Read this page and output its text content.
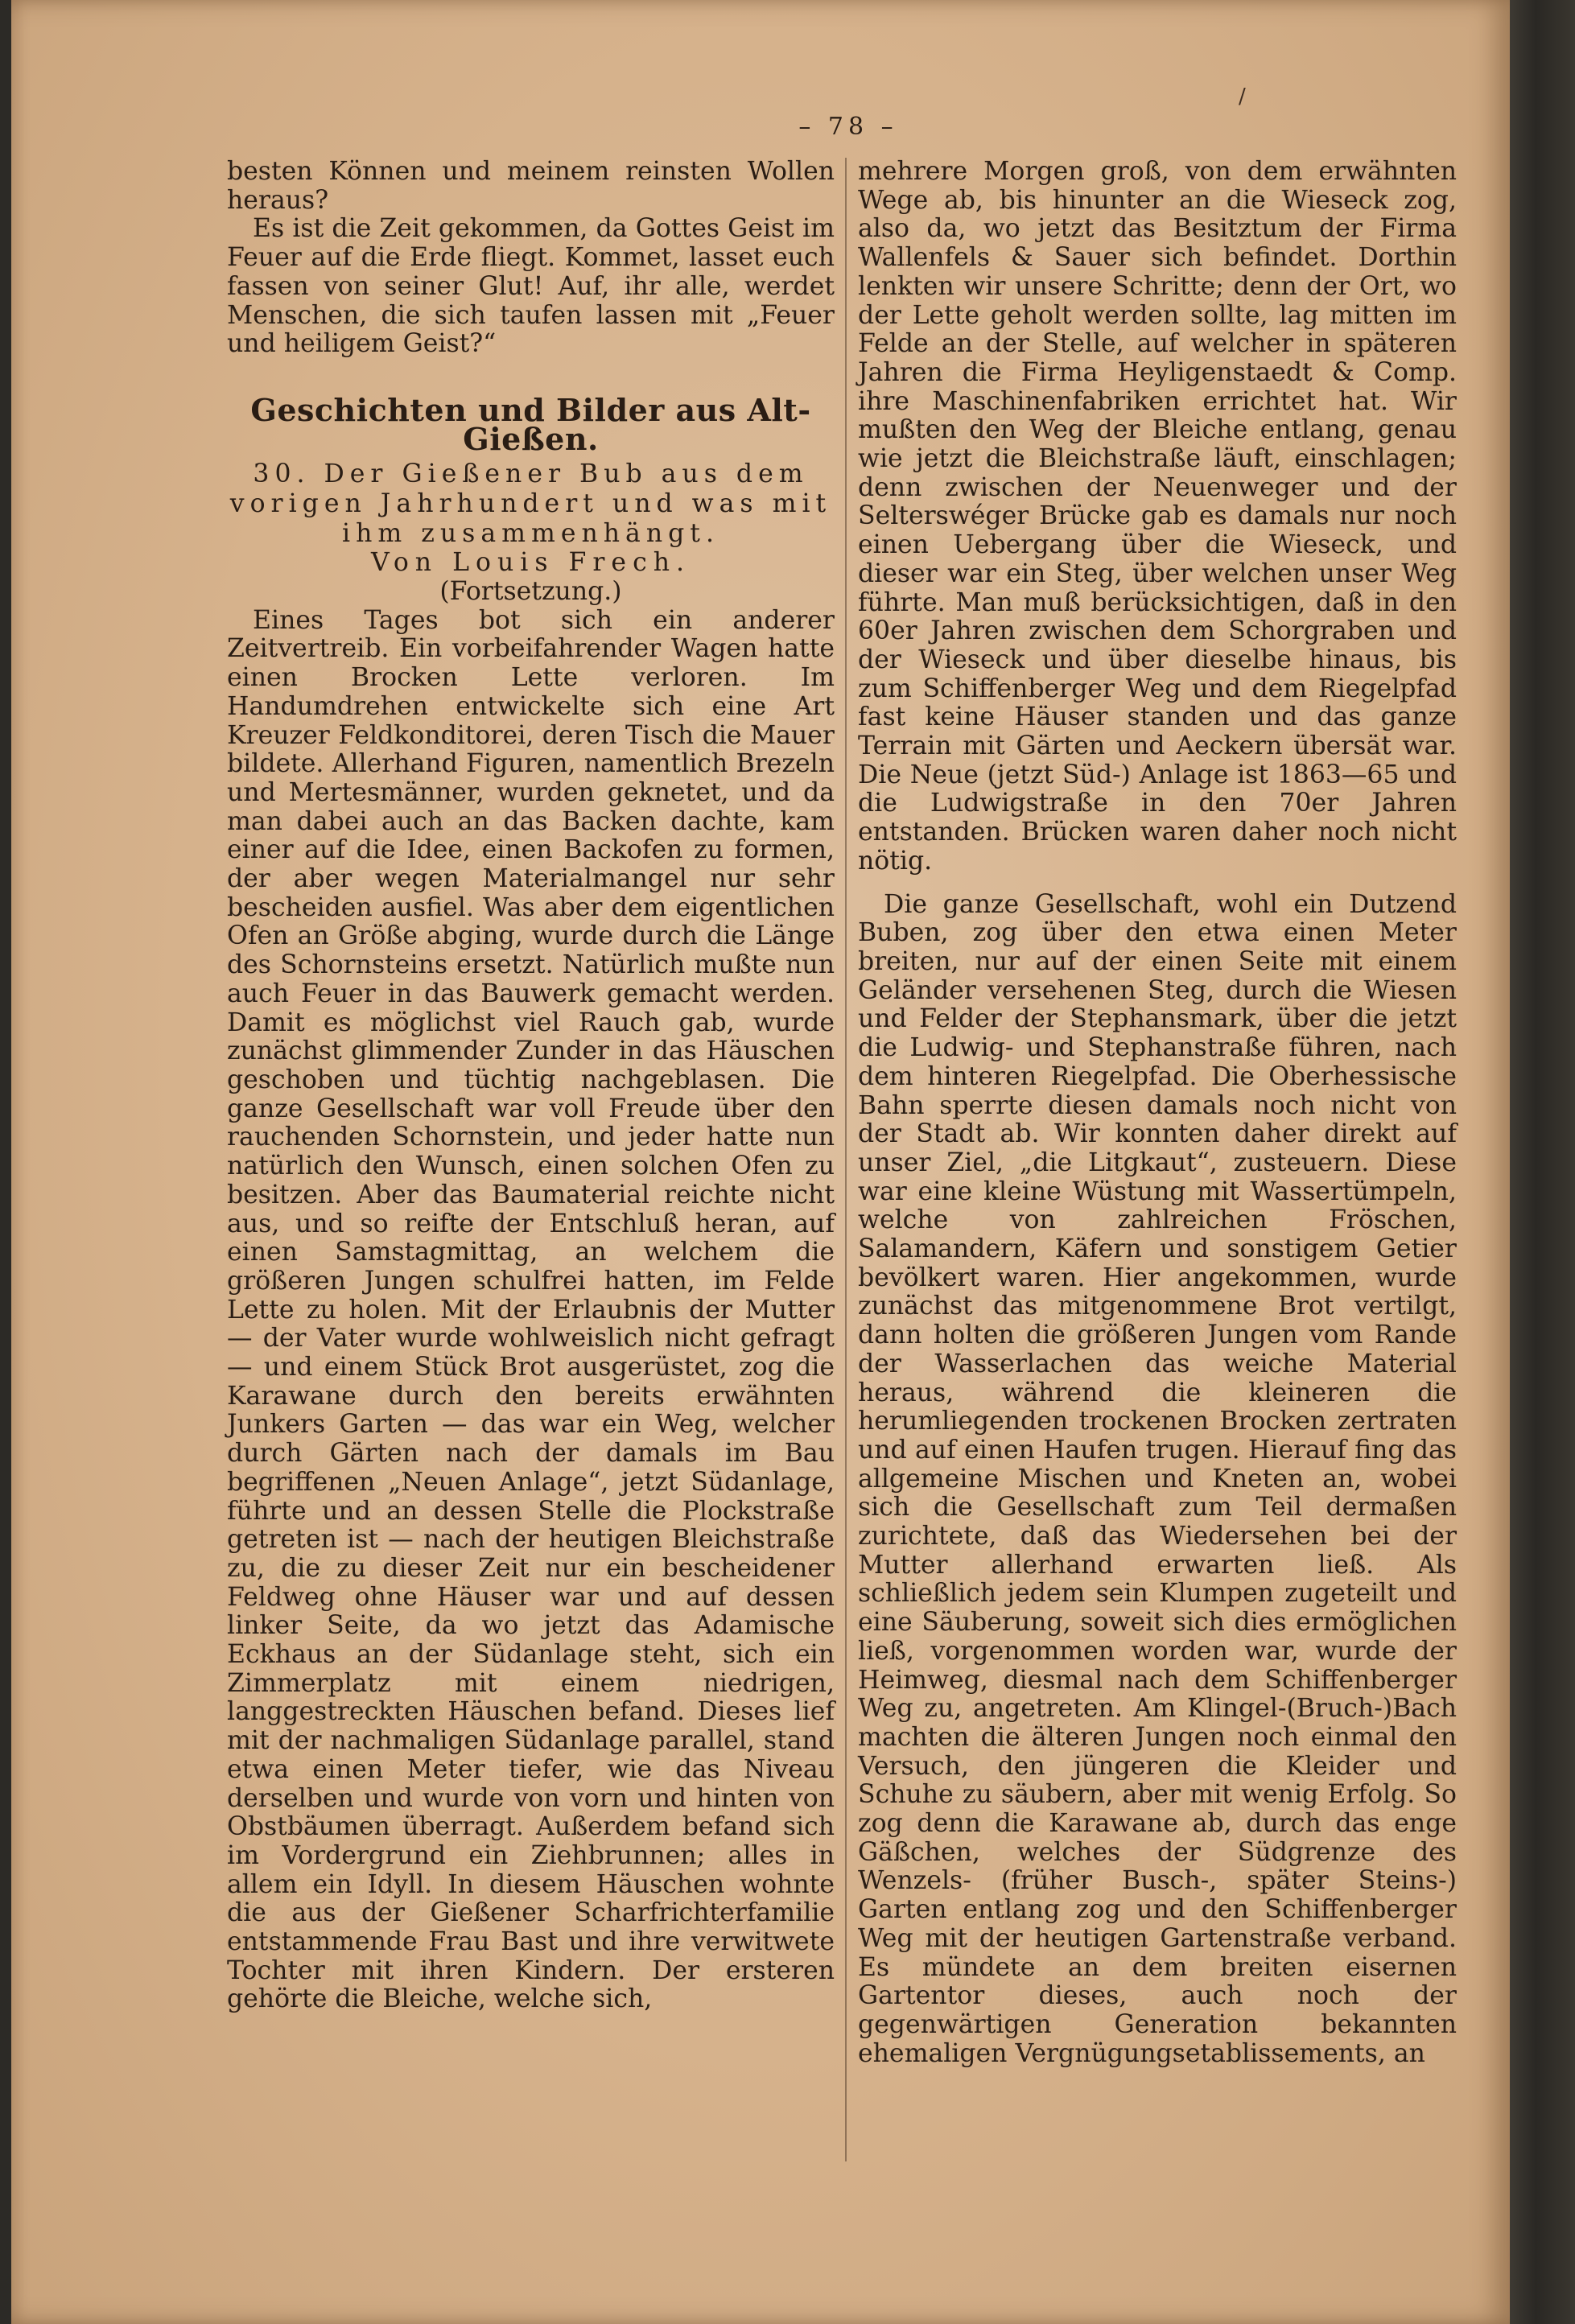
– 78 –
/

besten Können und meinem reinsten Wollen heraus?

Es ist die Zeit gekommen, da Gottes Geist im Feuer auf die Erde fliegt. Kommet, lasset euch fassen von seiner Glut! Auf, ihr alle, werdet Menschen, die sich taufen lassen mit „Feuer und heiligem Geist?“

Geschichten und Bilder aus Alt-Gießen.

30. Der Gießener Bub aus dem vorigen Jahrhundert und was mit ihm zusammenhängt.

Von Louis Frech.

(Fortsetzung.)

Eines Tages bot sich ein anderer Zeitvertreib. Ein vorbeifahrender Wagen hatte einen Brocken Lette verloren. Im Handumdrehen entwickelte sich eine Art Kreuzer Feldkonditorei, deren Tisch die Mauer bildete. Allerhand Figuren, namentlich Brezeln und Mertesmänner, wurden geknetet, und da man dabei auch an das Backen dachte, kam einer auf die Idee, einen Backofen zu formen, der aber wegen Materialmangel nur sehr bescheiden ausfiel. Was aber dem eigentlichen Ofen an Größe abging, wurde durch die Länge des Schornsteins ersetzt. Natürlich mußte nun auch Feuer in das Bauwerk gemacht werden. Damit es möglichst viel Rauch gab, wurde zunächst glimmender Zunder in das Häuschen geschoben und tüchtig nachgeblasen. Die ganze Gesellschaft war voll Freude über den rauchenden Schornstein, und jeder hatte nun natürlich den Wunsch, einen solchen Ofen zu besitzen. Aber das Baumaterial reichte nicht aus, und so reifte der Entschluß heran, auf einen Samstagmittag, an welchem die größeren Jungen schulfrei hatten, im Felde Lette zu holen. Mit der Erlaubnis der Mutter — der Vater wurde wohlweislich nicht gefragt — und einem Stück Brot ausgerüstet, zog die Karawane durch den bereits erwähnten Junkers Garten — das war ein Weg, welcher durch Gärten nach der damals im Bau begriffenen „Neuen Anlage“, jetzt Südanlage, führte und an dessen Stelle die Plockstraße getreten ist — nach der heutigen Bleichstraße zu, die zu dieser Zeit nur ein bescheidener Feldweg ohne Häuser war und auf dessen linker Seite, da wo jetzt das Adamische Eckhaus an der Südanlage steht, sich ein Zimmerplatz mit einem niedrigen, langgestreckten Häuschen befand. Dieses lief mit der nachmaligen Südanlage parallel, stand etwa einen Meter tiefer, wie das Niveau derselben und wurde von vorn und hinten von Obstbäumen überragt. Außerdem befand sich im Vordergrund ein Ziehbrunnen; alles in allem ein Idyll. In diesem Häuschen wohnte die aus der Gießener Scharfrichterfamilie entstammende Frau Bast und ihre verwitwete Tochter mit ihren Kindern. Der ersteren gehörte die Bleiche, welche sich,

mehrere Morgen groß, von dem erwähnten Wege ab, bis hinunter an die Wieseck zog, also da, wo jetzt das Besitztum der Firma Wallenfels & Sauer sich befindet. Dorthin lenkten wir unsere Schritte; denn der Ort, wo der Lette geholt werden sollte, lag mitten im Felde an der Stelle, auf welcher in späteren Jahren die Firma Heyligenstaedt & Comp. ihre Maschinenfabriken errichtet hat. Wir mußten den Weg der Bleiche entlang, genau wie jetzt die Bleichstraße läuft, einschlagen; denn zwischen der Neuenweger und der Selterswéger Brücke gab es damals nur noch einen Uebergang über die Wieseck, und dieser war ein Steg, über welchen unser Weg führte. Man muß berücksichtigen, daß in den 60er Jahren zwischen dem Schorgraben und der Wieseck und über dieselbe hinaus, bis zum Schiffenberger Weg und dem Riegelpfad fast keine Häuser standen und das ganze Terrain mit Gärten und Aeckern übersät war. Die Neue (jetzt Süd-) Anlage ist 1863—65 und die Ludwigstraße in den 70er Jahren entstanden. Brücken waren daher noch nicht nötig.

Die ganze Gesellschaft, wohl ein Dutzend Buben, zog über den etwa einen Meter breiten, nur auf der einen Seite mit einem Geländer versehenen Steg, durch die Wiesen und Felder der Stephansmark, über die jetzt die Ludwig- und Stephanstraße führen, nach dem hinteren Riegelpfad. Die Oberhessische Bahn sperrte diesen damals noch nicht von der Stadt ab. Wir konnten daher direkt auf unser Ziel, „die Litgkaut“, zusteuern. Diese war eine kleine Wüstung mit Wassertümpeln, welche von zahlreichen Fröschen, Salamandern, Käfern und sonstigem Getier bevölkert waren. Hier angekommen, wurde zunächst das mitgenommene Brot vertilgt, dann holten die größeren Jungen vom Rande der Wasserlachen das weiche Material heraus, während die kleineren die herumliegenden trockenen Brocken zertraten und auf einen Haufen trugen. Hierauf fing das allgemeine Mischen und Kneten an, wobei sich die Gesellschaft zum Teil dermaßen zurichtete, daß das Wiedersehen bei der Mutter allerhand erwarten ließ. Als schließlich jedem sein Klumpen zugeteilt und eine Säuberung, soweit sich dies ermöglichen ließ, vorgenommen worden war, wurde der Heimweg, diesmal nach dem Schiffenberger Weg zu, angetreten. Am Klingel-(Bruch-)Bach machten die älteren Jungen noch einmal den Versuch, den jüngeren die Kleider und Schuhe zu säubern, aber mit wenig Erfolg. So zog denn die Karawane ab, durch das enge Gäßchen, welches der Südgrenze des Wenzels- (früher Busch-, später Steins-) Garten entlang zog und den Schiffenberger Weg mit der heutigen Gartenstraße verband. Es mündete an dem breiten eisernen Gartentor dieses, auch noch der gegenwärtigen Generation bekannten ehemaligen Vergnügungsetablissements, an
